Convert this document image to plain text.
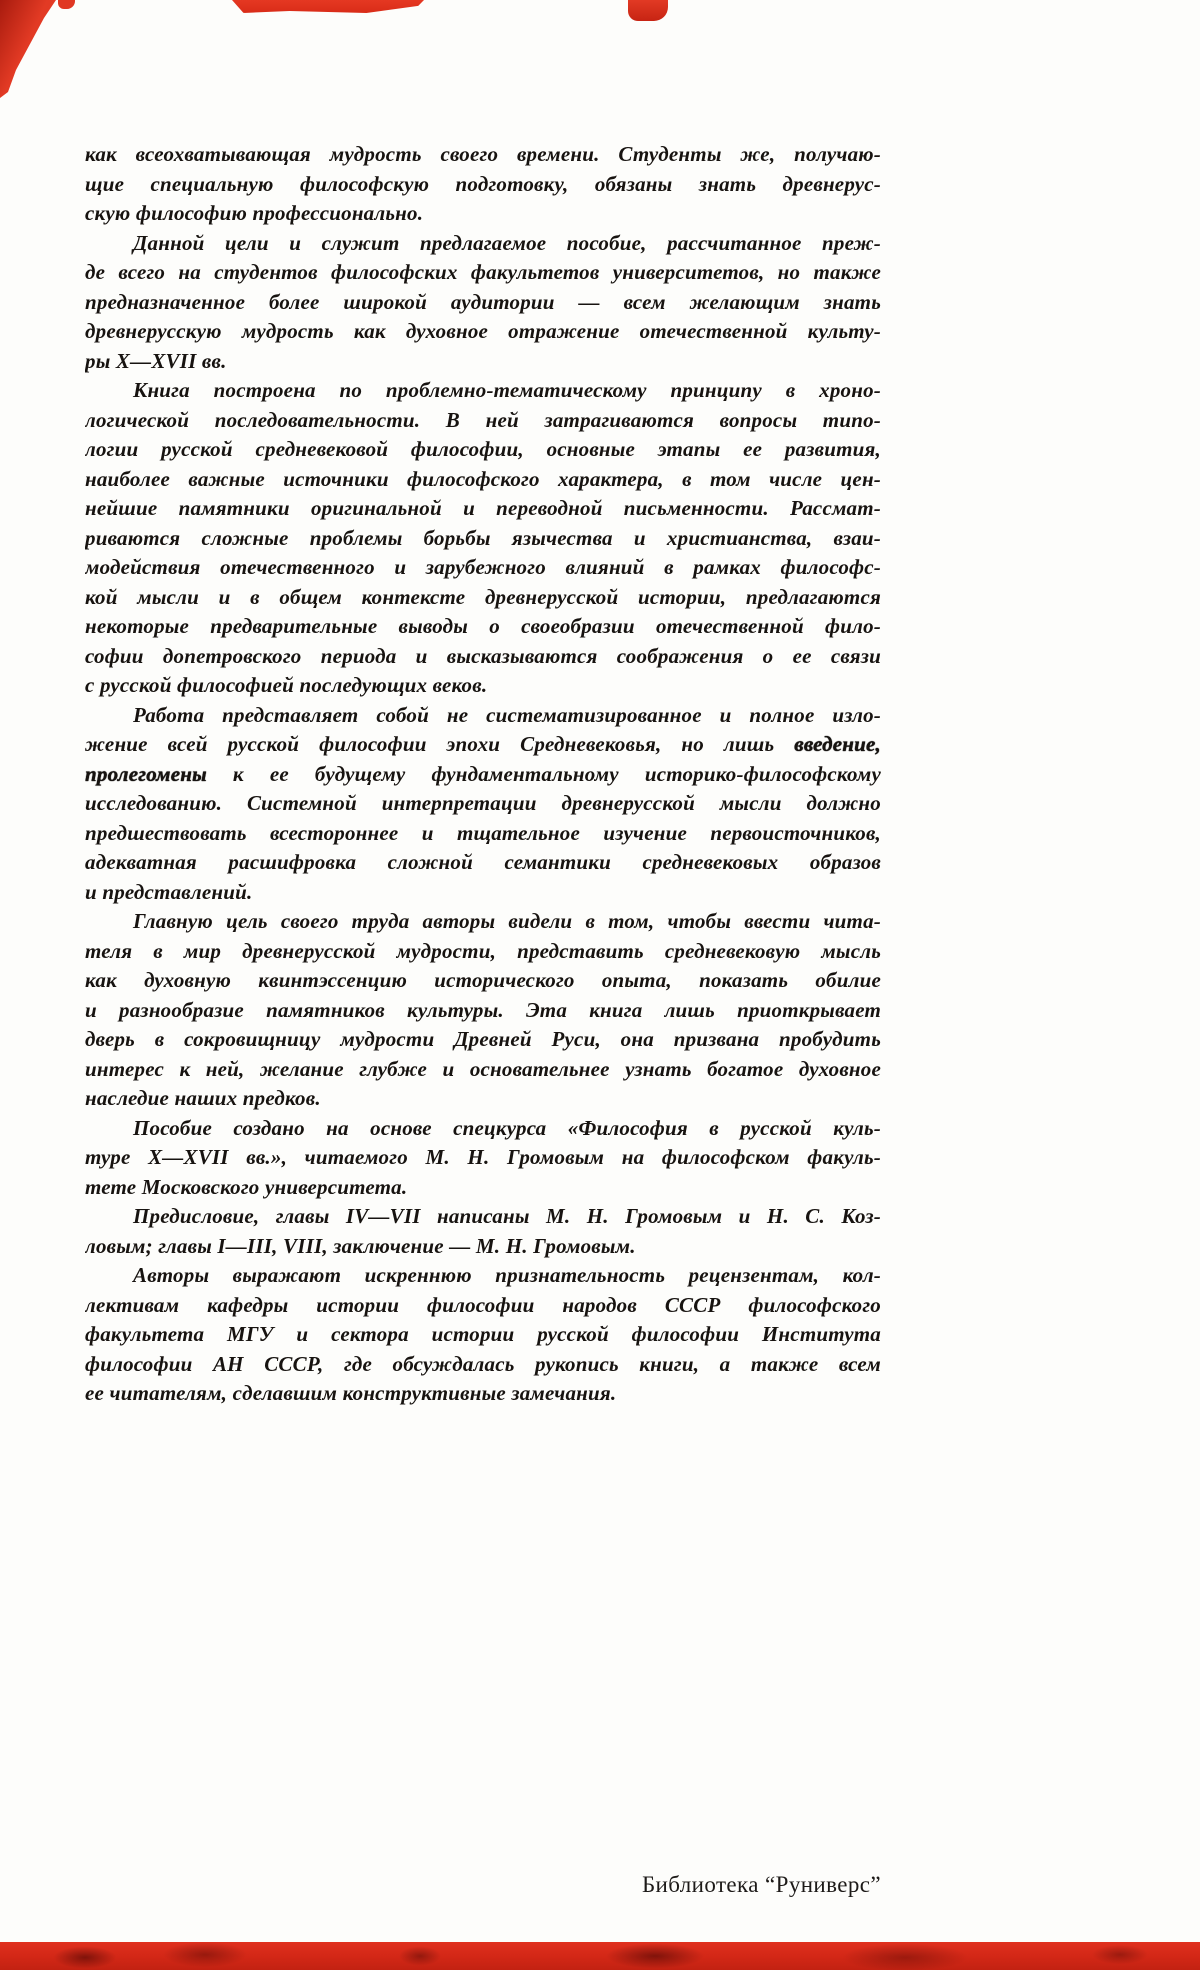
как всеохватывающая мудрость своего времени. Студенты же, получаю-
щие специальную философскую подготовку, обязаны знать древнерус-
скую философию профессионально.
Данной цели и служит предлагаемое пособие, рассчитанное преж-
де всего на студентов философских факультетов университетов, но также
предназначенное более широкой аудитории — всем желающим знать
древнерусскую мудрость как духовное отражение отечественной культу-
ры X—XVII вв.
Книга построена по проблемно-тематическому принципу в хроно-
логической последовательности. В ней затрагиваются вопросы типо-
логии русской средневековой философии, основные этапы ее развития,
наиболее важные источники философского характера, в том числе цен-
нейшие памятники оригинальной и переводной письменности. Рассмат-
риваются сложные проблемы борьбы язычества и христианства, взаи-
модействия отечественного и зарубежного влияний в рамках философс-
кой мысли и в общем контексте древнерусской истории, предлагаются
некоторые предварительные выводы о своеобразии отечественной фило-
софии допетровского периода и высказываются соображения о ее связи
с русской философией последующих веков.
Работа представляет собой не систематизированное и полное изло-
жение всей русской философии эпохи Средневековья, но лишь введение,
пролегомены к ее будущему фундаментальному историко-философскому
исследованию. Системной интерпретации древнерусской мысли должно
предшествовать всестороннее и тщательное изучение первоисточников,
адекватная расшифровка сложной семантики средневековых образов
и представлений.
Главную цель своего труда авторы видели в том, чтобы ввести чита-
теля в мир древнерусской мудрости, представить средневековую мысль
как духовную квинтэссенцию исторического опыта, показать обилие
и разнообразие памятников культуры. Эта книга лишь приоткрывает
дверь в сокровищницу мудрости Древней Руси, она призвана пробудить
интерес к ней, желание глубже и основательнее узнать богатое духовное
наследие наших предков.
Пособие создано на основе спецкурса «Философия в русской куль-
туре X—XVII вв.», читаемого М. Н. Громовым на философском факуль-
тете Московского университета.
Предисловие, главы IV—VII написаны М. Н. Громовым и Н. С. Коз-
ловым; главы I—III, VIII, заключение — М. Н. Громовым.
Авторы выражают искреннюю признательность рецензентам, кол-
лективам кафедры истории философии народов СССР философского
факультета МГУ и сектора истории русской философии Института
философии АН СССР, где обсуждалась рукопись книги, а также всем
ее читателям, сделавшим конструктивные замечания.
Библиотека “Руниверс”
